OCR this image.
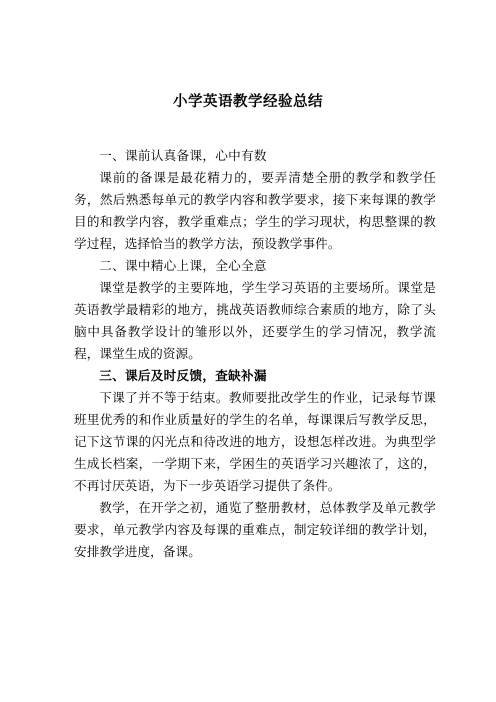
小学英语教学经验总结

一、课前认真备课，心中有数

课前的备课是最花精力的，要弄清楚全册的教学和教学任务，然后熟悉每单元的教学内容和教学要求，接下来每课的教学目的和教学内容，教学重难点；学生的学习现状，构思整课的教学过程，选择恰当的教学方法，预设教学事件。

二、课中精心上课，全心全意

课堂是教学的主要阵地，学生学习英语的主要场所。课堂是英语教学最精彩的地方，挑战英语教师综合素质的地方，除了头脑中具备教学设计的雏形以外，还要学生的学习情况，教学流程，课堂生成的资源。

三、课后及时反馈，查缺补漏

下课了并不等于结束。教师要批改学生的作业，记录每节课班里优秀的和作业质量好的学生的名单，每课课后写教学反思，记下这节课的闪光点和待改进的地方，设想怎样改进。为典型学生成长档案，一学期下来，学困生的英语学习兴趣浓了，这的，不再讨厌英语，为下一步英语学习提供了条件。

教学，在开学之初，通览了整册教材，总体教学及单元教学要求，单元教学内容及每课的重难点，制定较详细的教学计划，安排教学进度，备课。
